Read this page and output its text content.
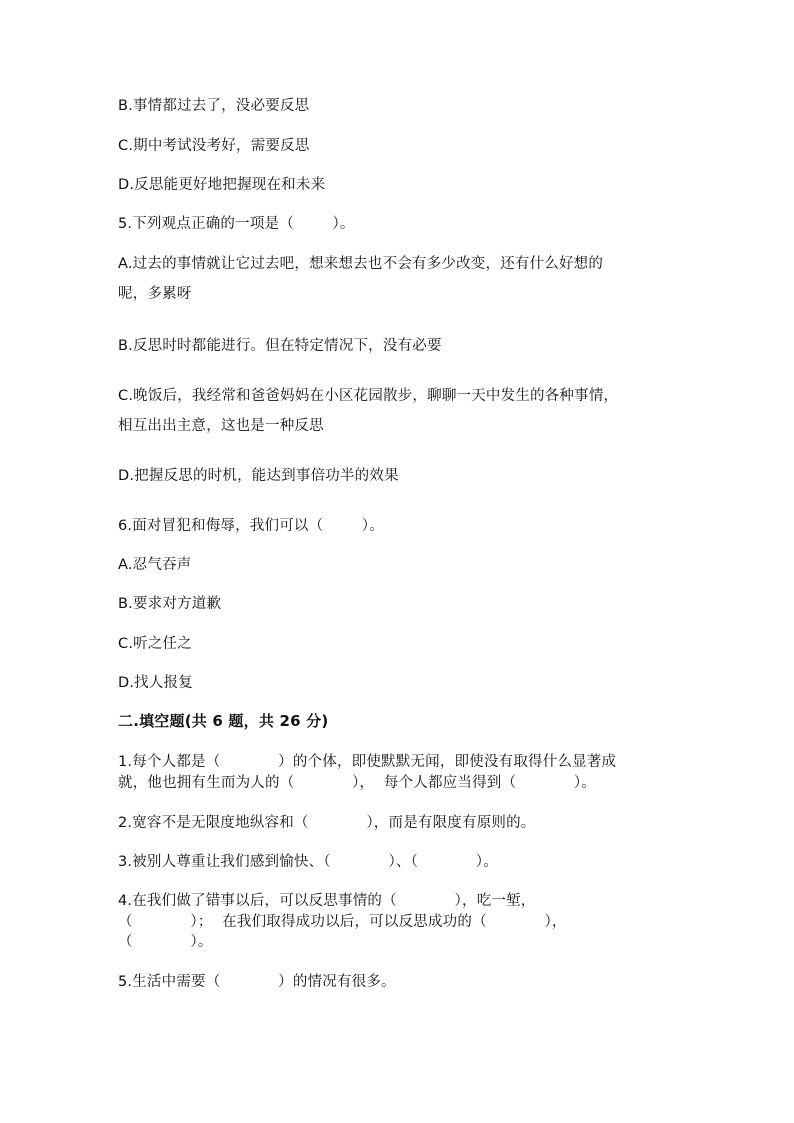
B.事情都过去了，没必要反思
C.期中考试没考好，需要反思
D.反思能更好地把握现在和未来
5.下列观点正确的一项是（        ）。
A.过去的事情就让它过去吧，想来想去也不会有多少改变，还有什么好想的
呢，多累呀
B.反思时时都能进行。但在特定情况下，没有必要
C.晚饭后，我经常和爸爸妈妈在小区花园散步，聊聊一天中发生的各种事情，
相互出出主意，这也是一种反思
D.把握反思的时机，能达到事倍功半的效果
6.面对冒犯和侮辱，我们可以（        ）。
A.忍气吞声
B.要求对方道歉
C.听之任之
D.找人报复
二.填空题(共 6 题，共 26 分)
1.每个人都是（            ）的个体，即使默默无闻，即使没有取得什么显著成
就，他也拥有生而为人的（            ），  每个人都应当得到（            ）。
2.宽容不是无限度地纵容和（            ），而是有限度有原则的。
3.被别人尊重让我们感到愉快、（            ）、（            ）。
4.在我们做了错事以后，可以反思事情的（            ），吃一堑，
（            ）；  在我们取得成功以后，可以反思成功的（            ），
（            ）。
5.生活中需要（            ）的情况有很多。
